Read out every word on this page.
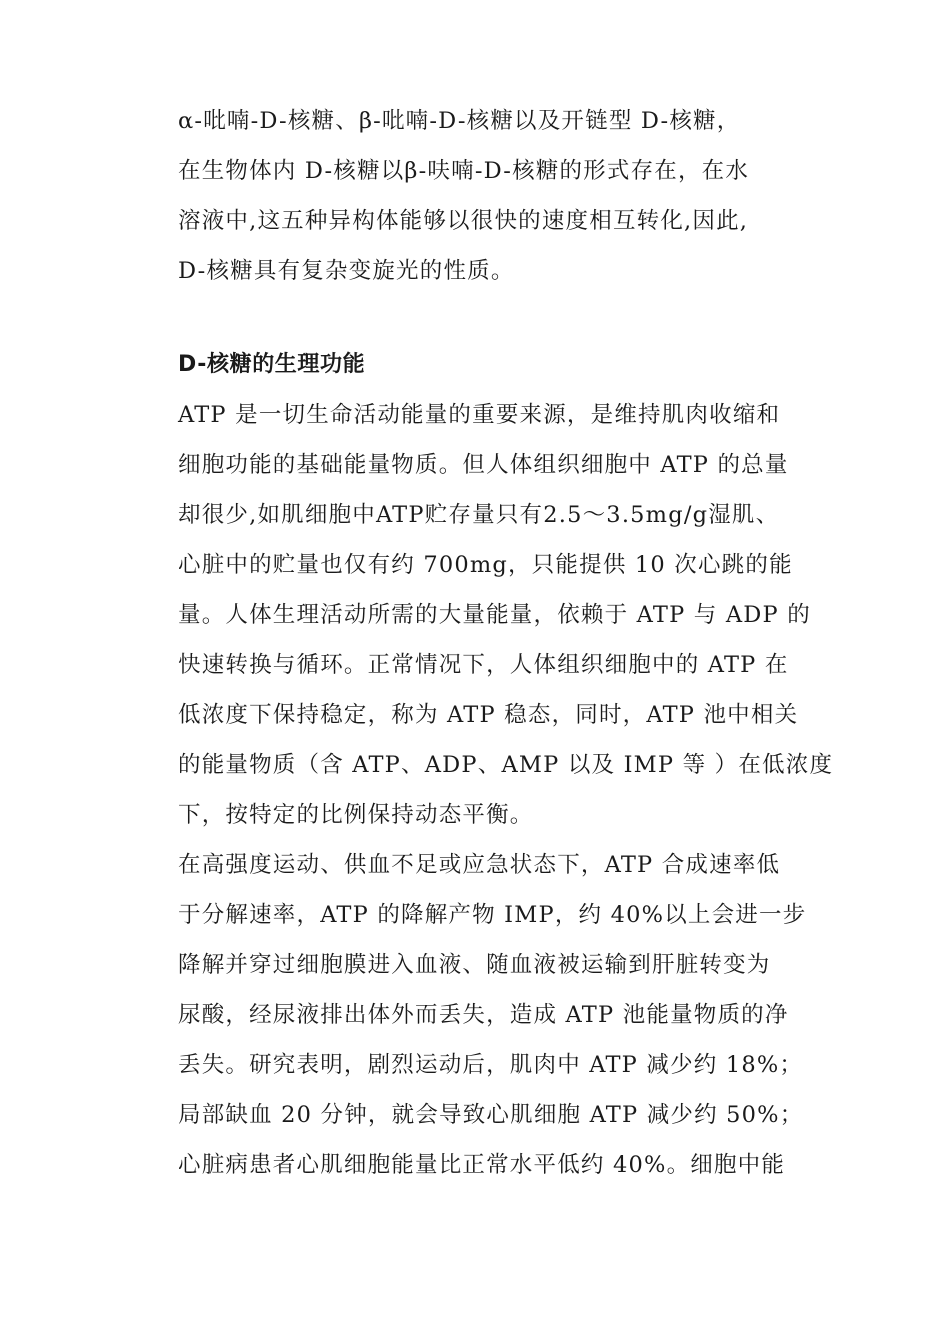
α-吡喃-D-核糖、β-吡喃-D-核糖以及开链型 D-核糖，
在生物体内 D-核糖以β-呋喃-D-核糖的形式存在，在水
溶液中,这五种异构体能够以很快的速度相互转化,因此,
D-核糖具有复杂变旋光的性质。
D-核糖的生理功能
ATP 是一切生命活动能量的重要来源，是维持肌肉收缩和
细胞功能的基础能量物质。但人体组织细胞中 ATP 的总量
却很少,如肌细胞中ATP贮存量只有2.5～3.5mg/g湿肌、
心脏中的贮量也仅有约 700mg，只能提供 10 次心跳的能
量。人体生理活动所需的大量能量，依赖于 ATP 与 ADP 的
快速转换与循环。正常情况下，人体组织细胞中的 ATP 在
低浓度下保持稳定，称为 ATP 稳态，同时，ATP 池中相关
的能量物质（含 ATP、ADP、AMP 以及 IMP 等 ）在低浓度
下，按特定的比例保持动态平衡。
在高强度运动、供血不足或应急状态下，ATP 合成速率低
于分解速率，ATP 的降解产物 IMP，约 40%以上会进一步
降解并穿过细胞膜进入血液、随血液被运输到肝脏转变为
尿酸，经尿液排出体外而丢失，造成 ATP 池能量物质的净
丢失。研究表明，剧烈运动后，肌肉中 ATP 减少约 18%；
局部缺血 20 分钟，就会导致心肌细胞 ATP 减少约 50%；
心脏病患者心肌细胞能量比正常水平低约 40%。细胞中能
